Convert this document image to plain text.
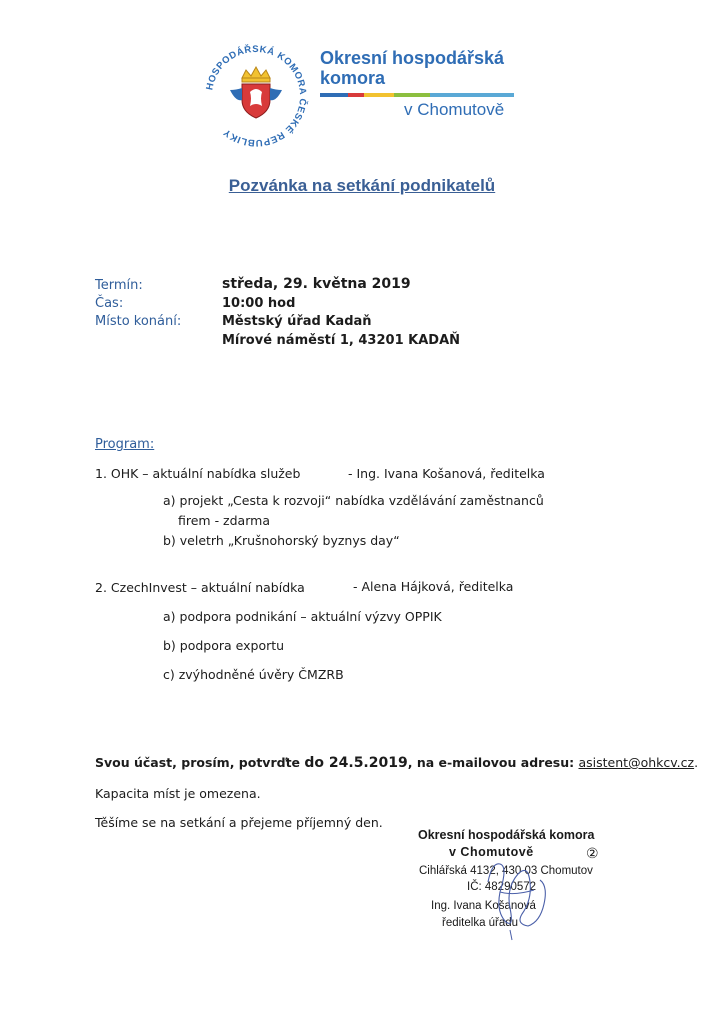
HOSPODÁŘSKÁ KOMORA ČESKÉ REPUBLIKY
Okresní hospodářská
komora
v Chomutově
Pozvánka na setkání podnikatelů
Termín:	středa, 29. května 2019
Čas:	10:00 hod
Místo konání:	Městský úřad Kadaň
Mírové náměstí 1, 43201 KADAŇ
Program:
1. OHK – aktuální nabídka služeb	- Ing. Ivana Košanová, ředitelka
a) projekt „Cesta k rozvoji“ nabídka vzdělávání zaměstnanců
firem - zdarma
b) veletrh „Krušnohorský byznys day“
2. CzechInvest – aktuální nabídka	- Alena Hájková, ředitelka
a) podpora podnikání – aktuální výzvy OPPIK
b) podpora exportu
c) zvýhodněné úvěry ČMZRB
Svou účast, prosím, potvrďte do 24.5.2019, na e-mailovou adresu: asistent@ohkcv.cz.
Kapacita míst je omezena.
Těšíme se na setkání a přejeme příjemný den.
Okresní hospodářská komora
v Chomutově	②
Cihlářská 4132, 430 03 Chomutov
IČ: 48290572
Ing. Ivana Košanová
ředitelka úřadu
